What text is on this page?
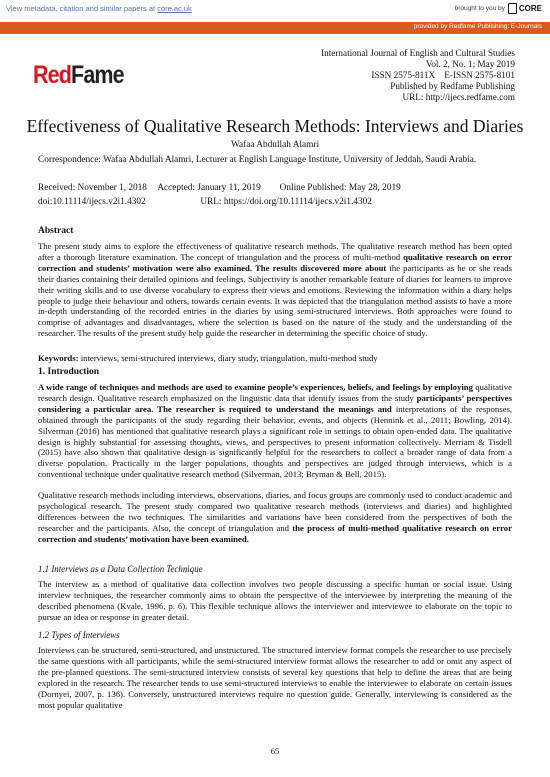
View metadata, citation and similar papers at core.ac.uk	brought to you by CORE
provided by Redfame Publishing: E-Journals
RedFame
International Journal of English and Cultural Studies
Vol. 2, No. 1; May 2019
ISSN 2575-811X    E-ISSN 2575-8101
Published by Redfame Publishing
URL: http://ijecs.redfame.com
Effectiveness of Qualitative Research Methods: Interviews and Diaries
Wafaa Abdullah Alamri
Correspondence: Wafaa Abdullah Alamri, Lecturer at English Language Institute, University of Jeddah, Saudi Arabia.
Received: November 1, 2018 Accepted: January 11, 2019 Online Published: May 28, 2019
doi:10.11114/ijecs.v2i1.4302	URL: https://doi.org/10.11114/ijecs.v2i1.4302
Abstract
The present study aims to explore the effectiveness of qualitative research methods. The qualitative research method has been opted after a thorough literature examination. The concept of triangulation and the process of multi-method qualitative research on error correction and students’ motivation were also examined. The results discovered more about the participants as he or she reads their diaries containing their detailed opinions and feelings. Subjectivity is another remarkable feature of diaries for learners to improve their writing skills and to use diverse vocabulary to express their views and emotions. Reviewing the information within a diary helps people to judge their behaviour and others, towards certain events. It was depicted that the triangulation method assists to have a more in-depth understanding of the recorded entries in the diaries by using semi-structured interviews. Both approaches were found to comprise of advantages and disadvantages, where the selection is based on the nature of the study and the understanding of the researcher. The results of the present study help guide the researcher in determining the specific choice of study.
Keywords: interviews, semi-structured interviews, diary study, triangulation, multi-method study
1. Introduction
A wide range of techniques and methods are used to examine people’s experiences, beliefs, and feelings by employing qualitative research design. Qualitative research emphasized on the linguistic data that identify issues from the study participants’ perspectives considering a particular area. The researcher is required to understand the meanings and interpretations of the responses, obtained through the participants of the study regarding their behavior, events, and objects (Hennink et al., 2011; Bowling, 2014). Silverman (2016) has mentioned that qualitative research plays a significant role in settings to obtain open-ended data. The qualitative design is highly substantial for assessing thoughts, views, and perspectives to present information collectively. Merriam & Tisdell (2015) have also shown that qualitative design is significantly helpful for the researchers to collect a broader range of data from a diverse population. Practically in the larger populations, thoughts and perspectives are judged through interviews, which is a conventional technique under qualitative research method (Silverman, 2013; Bryman & Bell, 2015).
Qualitative research methods including interviews, observations, diaries, and focus groups are commonly used to conduct academic and psychological research. The present study compared two qualitative research methods (interviews and diaries) and highlighted differences between the two techniques. The similarities and variations have been considered from the perspectives of both the researcher and the participants. Also, the concept of triangulation and the process of multi-method qualitative research on error correction and students’ motivation have been examined.
1.1 Interviews as a Data Collection Technique
The interview as a method of qualitative data collection involves two people discussing a specific human or social issue. Using interview techniques, the researcher commonly aims to obtain the perspective of the interviewee by interpreting the meaning of the described phenomena (Kvale, 1996, p. 6). This flexible technique allows the interviewer and interviewee to elaborate on the topic to pursue an idea or response in greater detail.
1.2 Types of Interviews
Interviews can be structured, semi-structured, and unstructured. The structured interview format compels the researcher to use precisely the same questions with all participants, while the semi-structured interview format allows the researcher to add or omit any aspect of the pre-planned questions. The semi-structured interview consists of several key questions that help to define the areas that are being explored in the research. The researcher tends to use semi-structured interviews to enable the interviewee to elaborate on certain issues (Dornyei, 2007, p. 136). Conversely, unstructured interviews require no question guide. Generally, interviewing is considered as the most popular qualitative
65
